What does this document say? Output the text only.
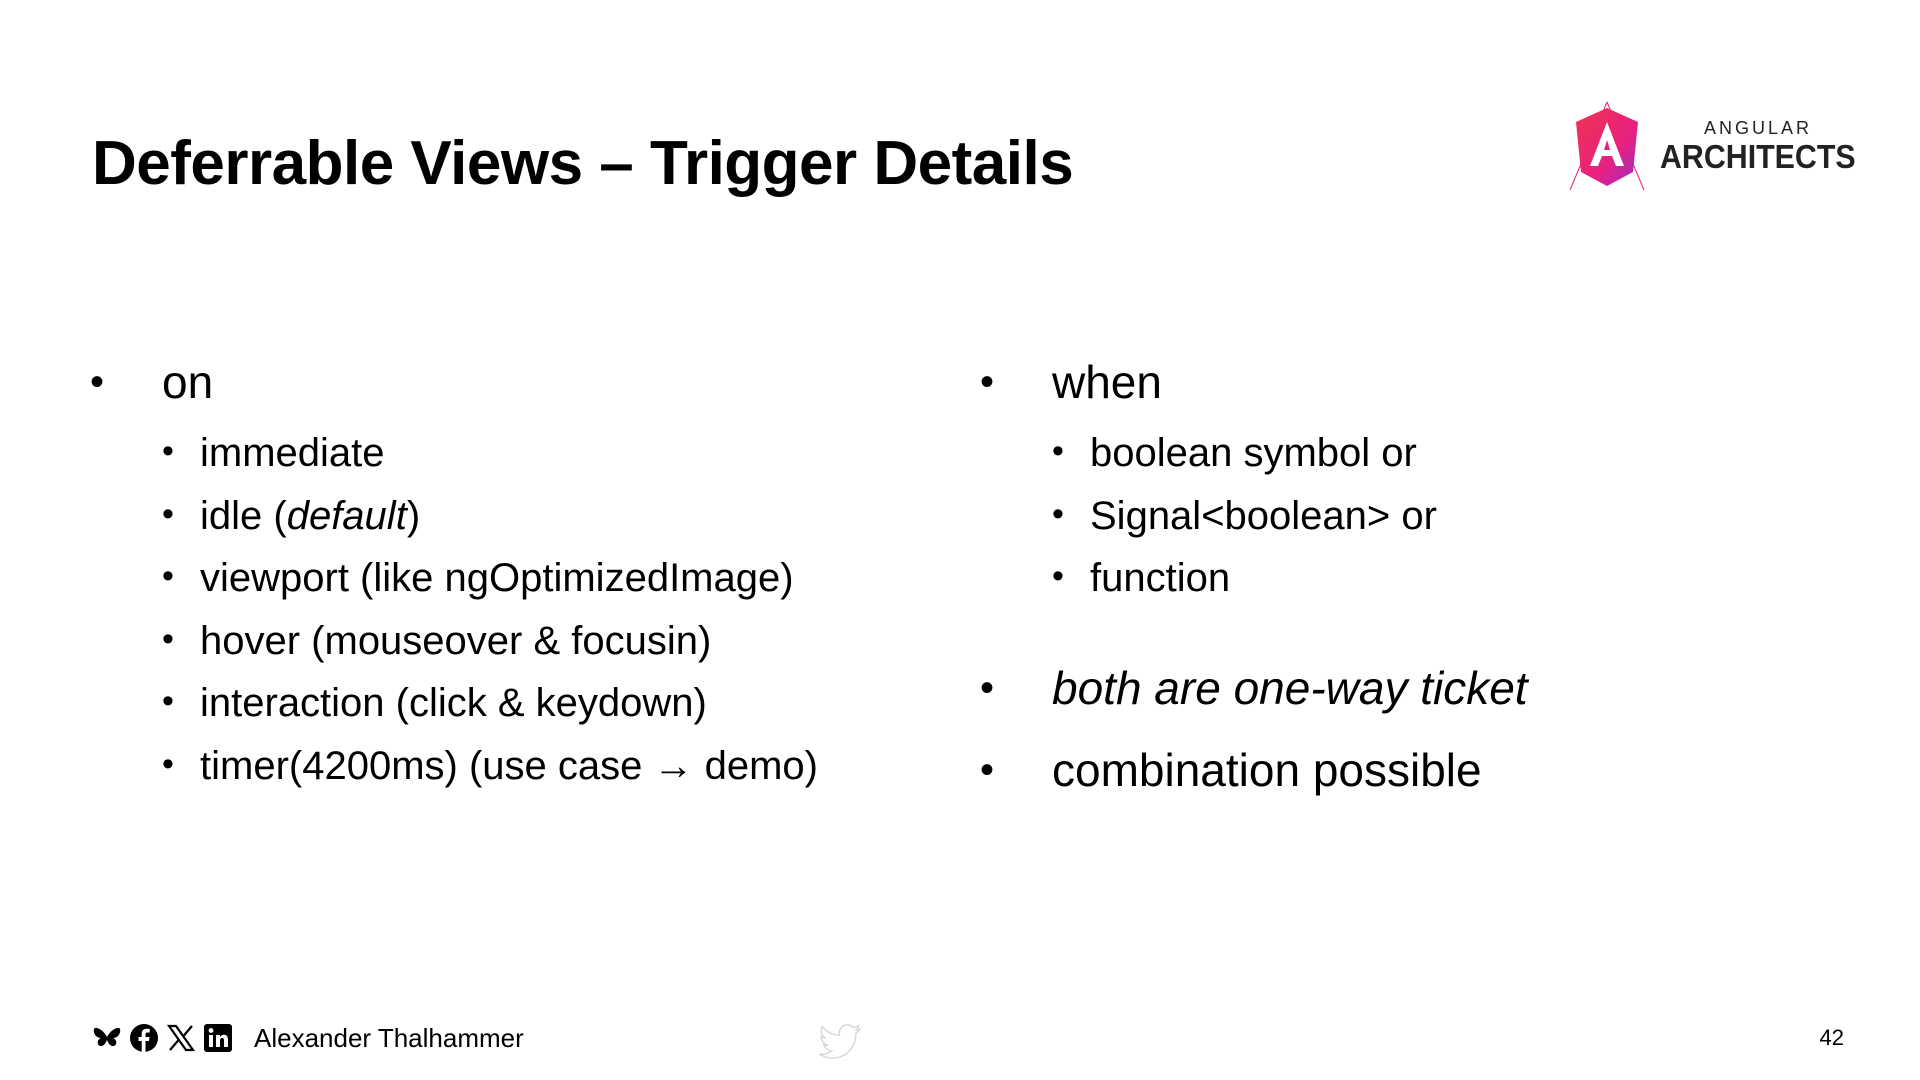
Deferrable Views – Trigger Details
ANGULAR
ARCHITECTS
• on
• immediate
• idle (default)
• viewport (like ngOptimizedImage)
• hover (mouseover & focusin)
• interaction (click & keydown)
• timer(4200ms) (use case → demo)
• when
• boolean symbol or
• Signal<boolean> or
• function
• both are one-way ticket
• combination possible
Alexander Thalhammer	42
